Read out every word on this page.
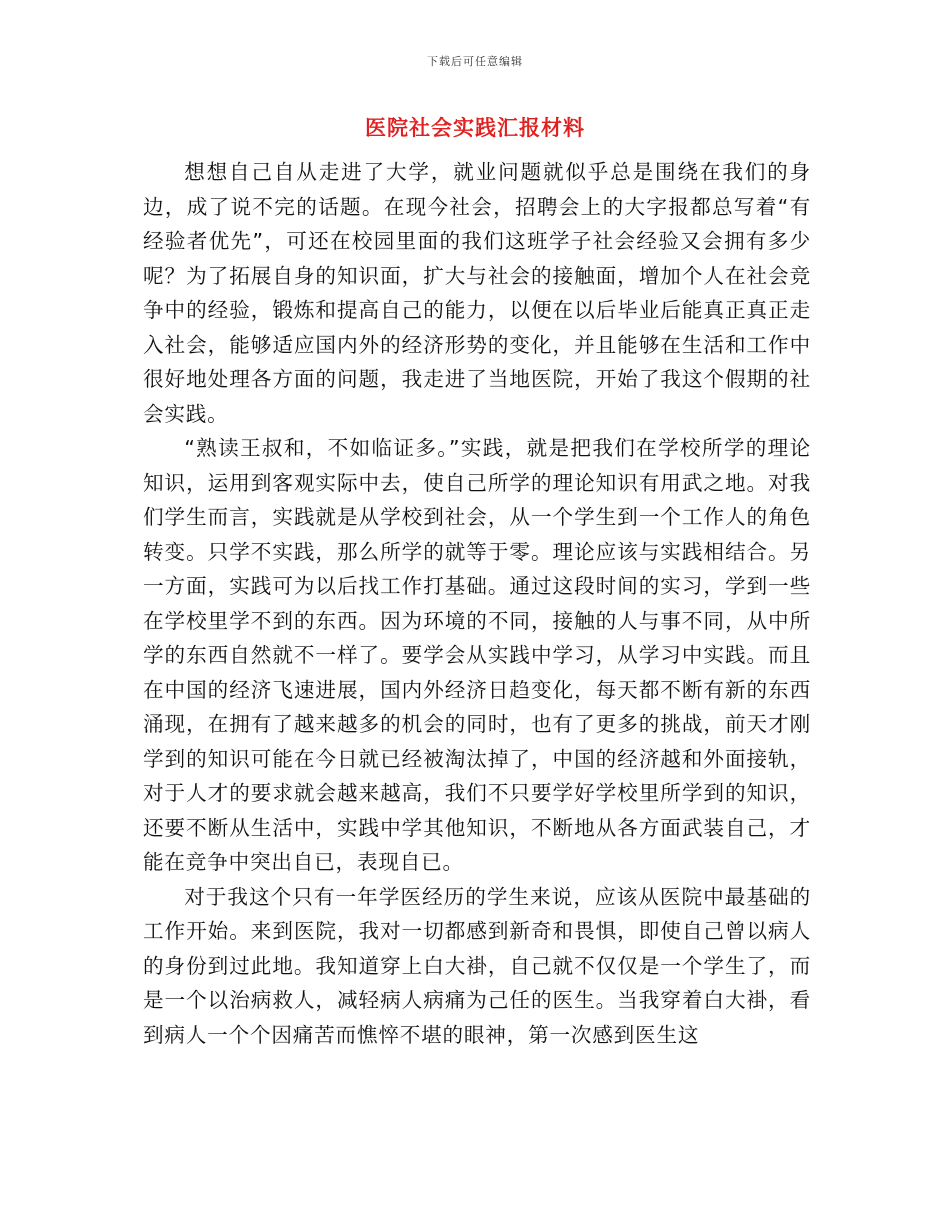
下载后可任意编辑
医院社会实践汇报材料

想想自己自从走进了大学，就业问题就似乎总是围绕在我们的身边，成了说不完的话题。在现今社会，招聘会上的大字报都总写着“有经验者优先”，可还在校园里面的我们这班学子社会经验又会拥有多少呢？为了拓展自身的知识面，扩大与社会的接触面，增加个人在社会竞争中的经验，锻炼和提高自己的能力，以便在以后毕业后能真正真正走入社会，能够适应国内外的经济形势的变化，并且能够在生活和工作中很好地处理各方面的问题，我走进了当地医院，开始了我这个假期的社会实践。

“熟读王叔和，不如临证多。”实践，就是把我们在学校所学的理论知识，运用到客观实际中去，使自己所学的理论知识有用武之地。对我们学生而言，实践就是从学校到社会，从一个学生到一个工作人的角色转变。只学不实践，那么所学的就等于零。理论应该与实践相结合。另一方面，实践可为以后找工作打基础。通过这段时间的实习，学到一些在学校里学不到的东西。因为环境的不同，接触的人与事不同，从中所学的东西自然就不一样了。要学会从实践中学习，从学习中实践。而且在中国的经济飞速进展，国内外经济日趋变化，每天都不断有新的东西涌现，在拥有了越来越多的机会的同时，也有了更多的挑战，前天才刚学到的知识可能在今日就已经被淘汰掉了，中国的经济越和外面接轨，对于人才的要求就会越来越高，我们不只要学好学校里所学到的知识，还要不断从生活中，实践中学其他知识，不断地从各方面武装自己，才能在竞争中突出自已，表现自已。

对于我这个只有一年学医经历的学生来说，应该从医院中最基础的工作开始。来到医院，我对一切都感到新奇和畏惧，即使自己曾以病人的身份到过此地。我知道穿上白大褂，自己就不仅仅是一个学生了，而是一个以治病救人，减轻病人病痛为己任的医生。当我穿着白大褂，看到病人一个个因痛苦而憔悴不堪的眼神，第一次感到医生这
